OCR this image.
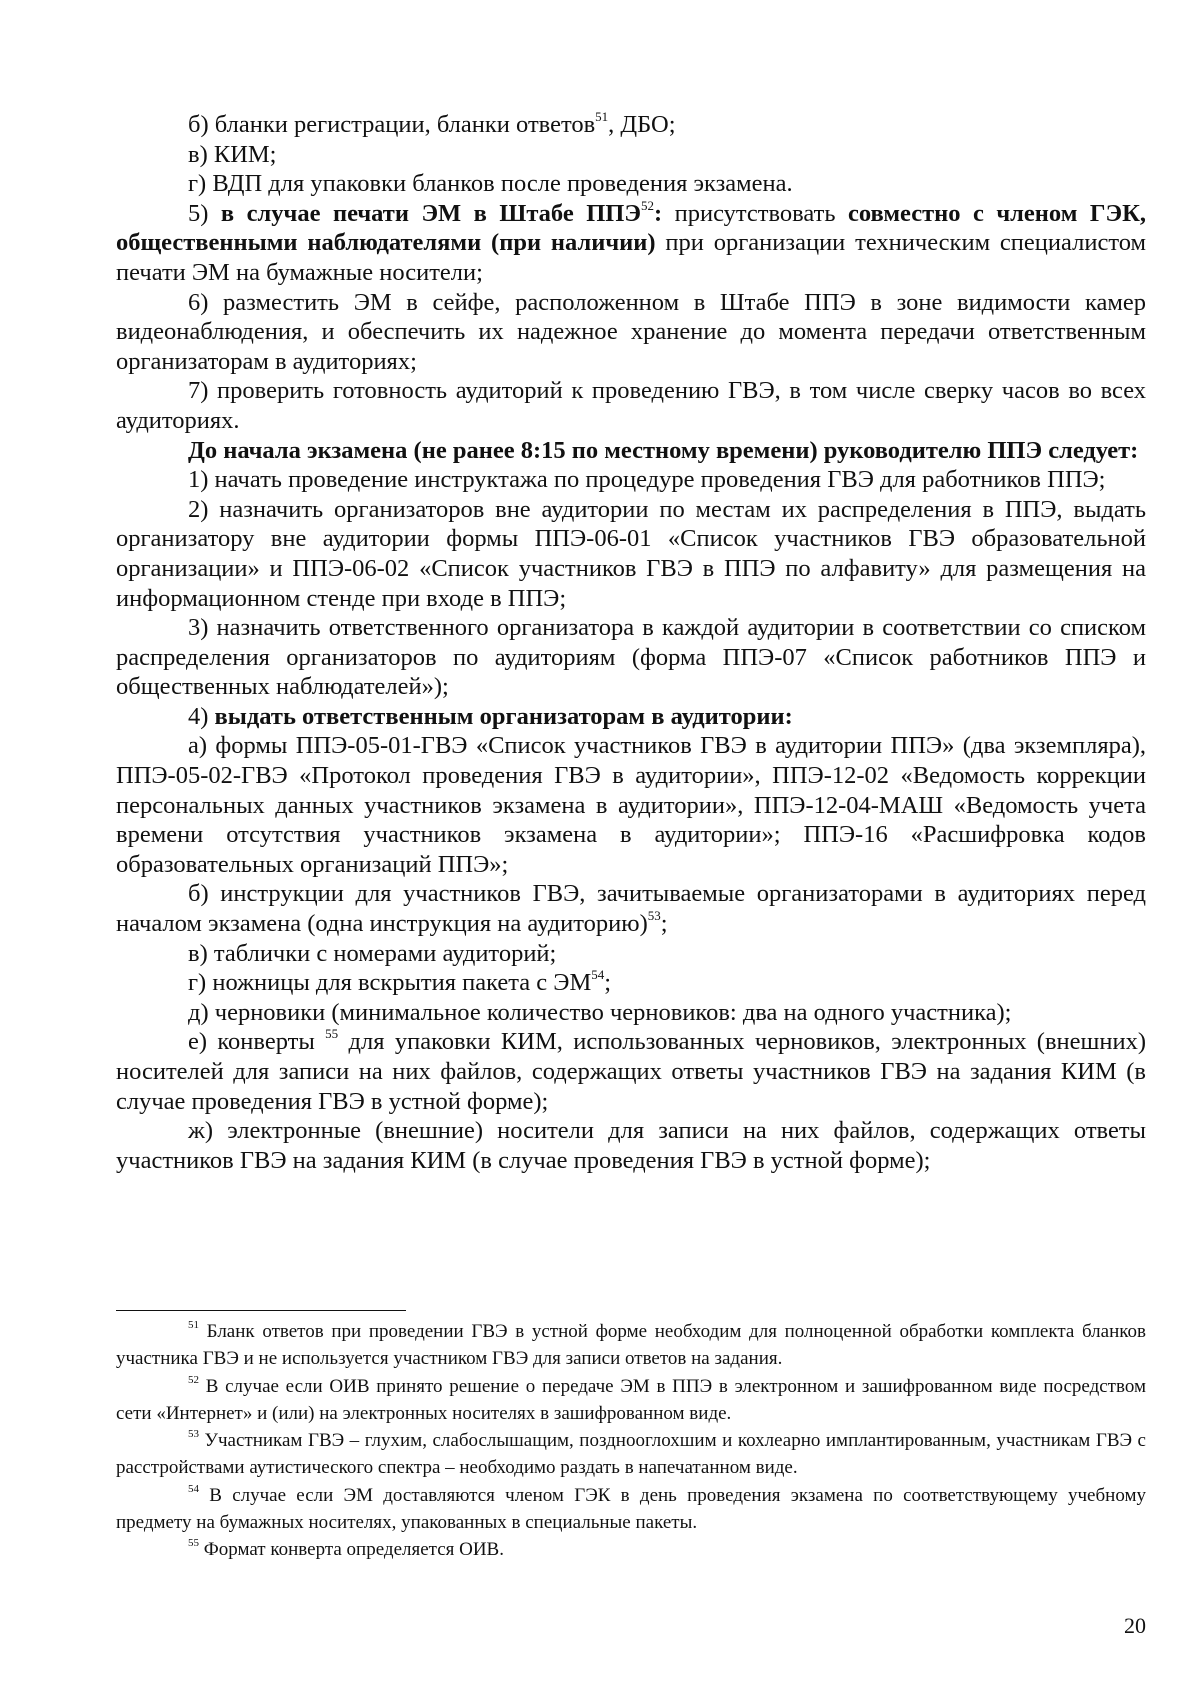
б) бланки регистрации, бланки ответов$^{51}$, ДБО;

в) КИМ;

г) ВДП для упаковки бланков после проведения экзамена.

5) в случае печати ЭМ в Штабе ППЭ$^{52}$: присутствовать совместно с членом ГЭК, общественными наблюдателями (при наличии) при организации техническим специалистом печати ЭМ на бумажные носители;

6) разместить ЭМ в сейфе, расположенном в Штабе ППЭ в зоне видимости камер видеонаблюдения, и обеспечить их надежное хранение до момента передачи ответственным организаторам в аудиториях;

7) проверить готовность аудиторий к проведению ГВЭ, в том числе сверку часов во всех аудиториях.

До начала экзамена (не ранее 8:15 по местному времени) руководителю ППЭ следует:

1) начать проведение инструктажа по процедуре проведения ГВЭ для работников ППЭ;

2) назначить организаторов вне аудитории по местам их распределения в ППЭ, выдать организатору вне аудитории формы ППЭ-06-01 «Список участников ГВЭ образовательной организации» и ППЭ-06-02 «Список участников ГВЭ в ППЭ по алфавиту» для размещения на информационном стенде при входе в ППЭ;

3) назначить ответственного организатора в каждой аудитории в соответствии со списком распределения организаторов по аудиториям (форма ППЭ-07 «Список работников ППЭ и общественных наблюдателей»);

4) выдать ответственным организаторам в аудитории:

а) формы ППЭ-05-01-ГВЭ «Список участников ГВЭ в аудитории ППЭ» (два экземпляра), ППЭ-05-02-ГВЭ «Протокол проведения ГВЭ в аудитории», ППЭ-12-02 «Ведомость коррекции персональных данных участников экзамена в аудитории», ППЭ-12-04-МАШ «Ведомость учета времени отсутствия участников экзамена в аудитории»; ППЭ-16 «Расшифровка кодов образовательных организаций ППЭ»;

б) инструкции для участников ГВЭ, зачитываемые организаторами в аудиториях перед началом экзамена (одна инструкция на аудиторию)$^{53}$;

в) таблички с номерами аудиторий;

г) ножницы для вскрытия пакета с ЭМ$^{54}$;

д) черновики (минимальное количество черновиков: два на одного участника);

е) конверты $^{55}$ для упаковки КИМ, использованных черновиков, электронных (внешних) носителей для записи на них файлов, содержащих ответы участников ГВЭ на задания КИМ (в случае проведения ГВЭ в устной форме);

ж) электронные (внешние) носители для записи на них файлов, содержащих ответы участников ГВЭ на задания КИМ (в случае проведения ГВЭ в устной форме);

$^{51}$ Бланк ответов при проведении ГВЭ в устной форме необходим для полноценной обработки комплекта бланков участника ГВЭ и не используется участником ГВЭ для записи ответов на задания.

$^{52}$ В случае если ОИВ принято решение о передаче ЭМ в ППЭ в электронном и зашифрованном виде посредством сети «Интернет» и (или) на электронных носителях в зашифрованном виде.

$^{53}$ Участникам ГВЭ – глухим, слабослышащим, позднооглохшим и кохлеарно имплантированным, участникам ГВЭ с расстройствами аутистического спектра – необходимо раздать в напечатанном виде.

$^{54}$ В случае если ЭМ доставляются членом ГЭК в день проведения экзамена по соответствующему учебному предмету на бумажных носителях, упакованных в специальные пакеты.

$^{55}$ Формат конверта определяется ОИВ.

20
